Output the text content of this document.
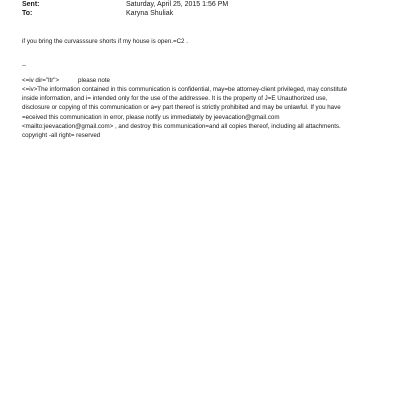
Sent:	Saturday, April 25, 2015 1:56 PM
To:	Karyna Shuliak
if you bring the curvasssure shorts if my house is open.=C2 .
--
<=iv dir="ltr">	please note
<=iv>The information contained in this communication is confidential, may=be attorney-client privileged, may constitute
inside information, and i= intended only for the use of the addressee. It is the property of J=E Unauthorized use,
disclosure or copying of this communication or a=y part thereof is strictly prohibited and may be unlawful. If you have
=eceived this communication in error, please notify us immediately by jeevacation@gmail.com
<mailto:jeevacation@gmail.com> , and destroy this communication=and all copies thereof, including all attachments.
copyright -all right= reserved
